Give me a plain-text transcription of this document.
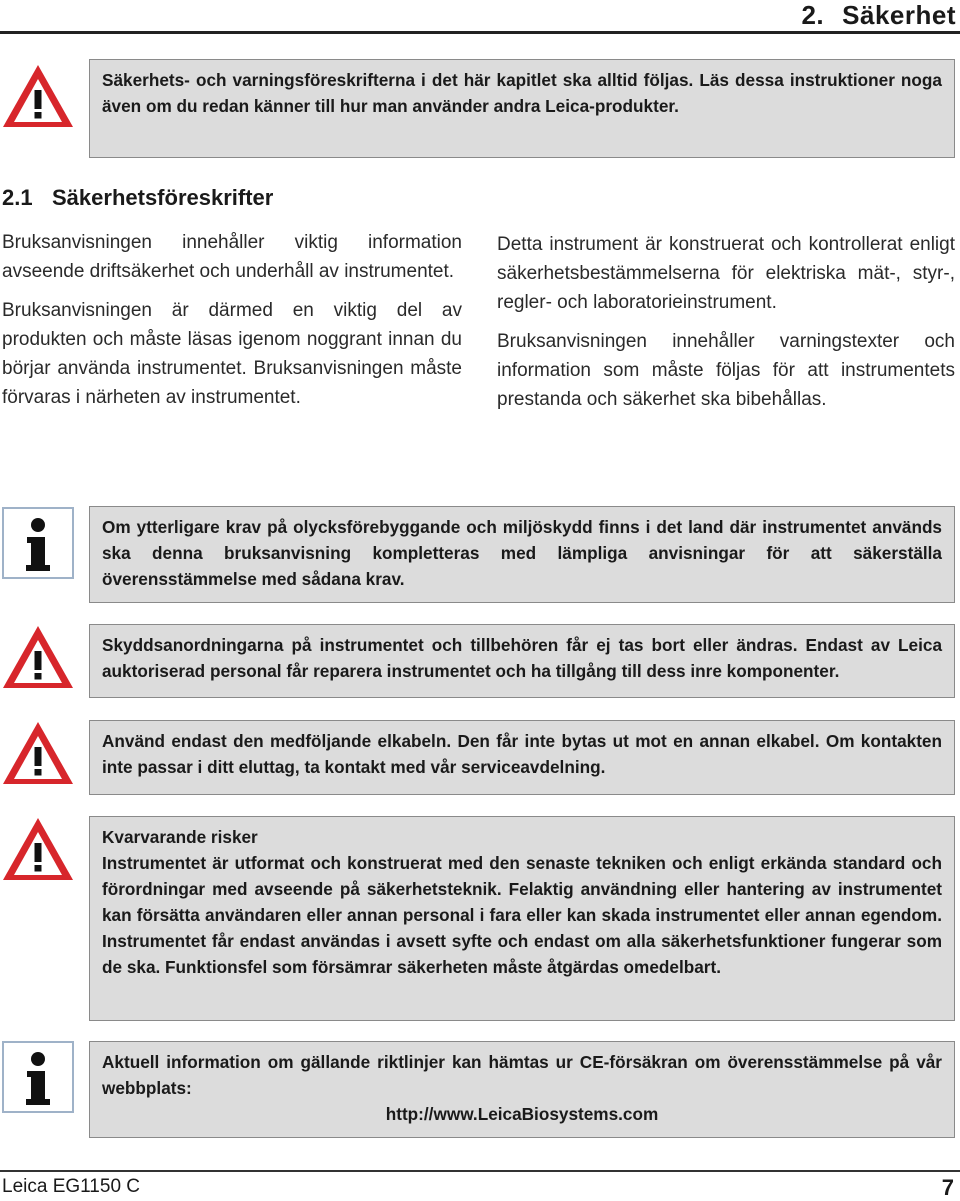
2. Säkerhet

Säkerhets- och varningsföreskrifterna i det här kapitlet ska alltid följas. Läs dessa instruktioner noga även om du redan känner till hur man använder andra Leica-produkter.

2.1 Säkerhetsföreskrifter

Bruksanvisningen innehåller viktig information avseende driftsäkerhet och underhåll av instrumentet.

Bruksanvisningen är därmed en viktig del av produkten och måste läsas igenom noggrant innan du börjar använda instrumentet. Bruksanvisningen måste förvaras i närheten av instrumentet.

Detta instrument är konstruerat och kontrollerat enligt säkerhetsbestämmelserna för elektriska mät-, styr-, regler- och laboratorieinstrument.

Bruksanvisningen innehåller varningstexter och information som måste följas för att instrumentets prestanda och säkerhet ska bibehållas.

Om ytterligare krav på olycksförebyggande och miljöskydd finns i det land där instrumentet används ska denna bruksanvisning kompletteras med lämpliga anvisningar för att säkerställa överensstämmelse med sådana krav.

Skyddsanordningarna på instrumentet och tillbehören får ej tas bort eller ändras. Endast av Leica auktoriserad personal får reparera instrumentet och ha tillgång till dess inre komponenter.

Använd endast den medföljande elkabeln. Den får inte bytas ut mot en annan elkabel. Om kontakten inte passar i ditt eluttag, ta kontakt med vår serviceavdelning.

Kvarvarande risker

Instrumentet är utformat och konstruerat med den senaste tekniken och enligt erkända standard och förordningar med avseende på säkerhetsteknik. Felaktig användning eller hantering av instrumentet kan försätta användaren eller annan personal i fara eller kan skada instrumentet eller annan egendom. Instrumentet får endast användas i avsett syfte och endast om alla säkerhetsfunktioner fungerar som de ska. Funktionsfel som försämrar säkerheten måste åtgärdas omedelbart.

Aktuell information om gällande riktlinjer kan hämtas ur CE-försäkran om överensstämmelse på vår webbplats:

http://www.LeicaBiosystems.com

Leica EG1150 C	7
